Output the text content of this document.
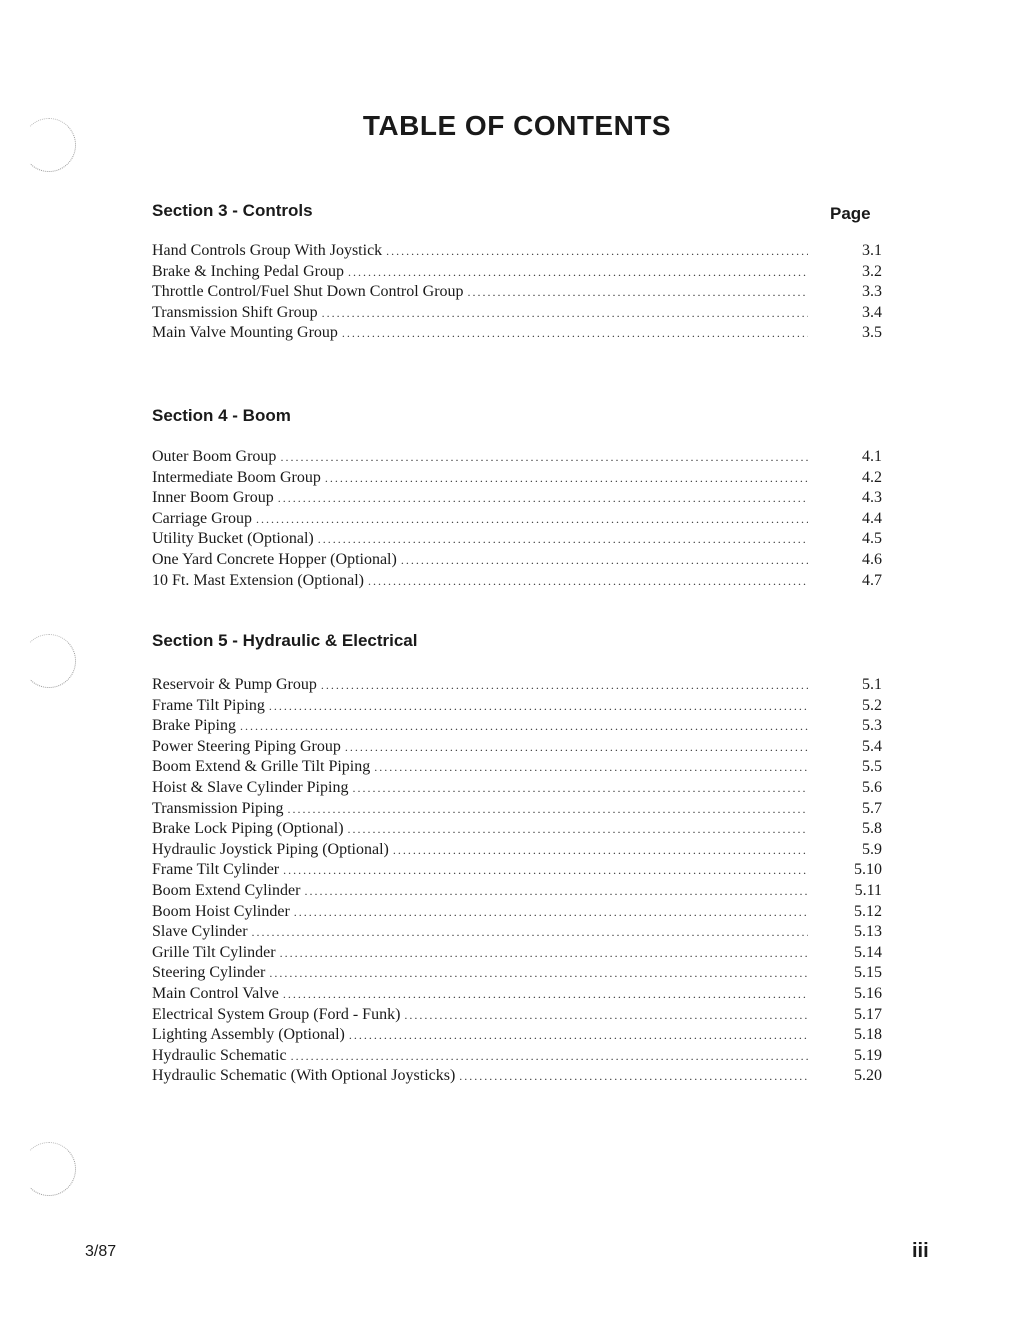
TABLE OF CONTENTS
Page
Section 3 - Controls
Hand Controls Group With Joystick .....	3.1
Brake & Inching Pedal Group .....	3.2
Throttle Control/Fuel Shut Down Control Group .....	3.3
Transmission Shift Group .....	3.4
Main Valve Mounting Group .....	3.5
Section 4 - Boom
Outer Boom Group .....	4.1
Intermediate Boom Group .....	4.2
Inner Boom Group .....	4.3
Carriage Group .....	4.4
Utility Bucket (Optional) .....	4.5
One Yard Concrete Hopper (Optional) .....	4.6
10 Ft. Mast Extension (Optional) .....	4.7
Section 5 - Hydraulic & Electrical
Reservoir & Pump Group .....	5.1
Frame Tilt Piping .....	5.2
Brake Piping .....	5.3
Power Steering Piping Group .....	5.4
Boom Extend & Grille Tilt Piping .....	5.5
Hoist & Slave Cylinder Piping .....	5.6
Transmission Piping .....	5.7
Brake Lock Piping (Optional) .....	5.8
Hydraulic Joystick Piping (Optional) .....	5.9
Frame Tilt Cylinder .....	5.10
Boom Extend Cylinder .....	5.11
Boom Hoist Cylinder .....	5.12
Slave Cylinder .....	5.13
Grille Tilt Cylinder .....	5.14
Steering Cylinder .....	5.15
Main Control Valve .....	5.16
Electrical System Group (Ford - Funk) .....	5.17
Lighting Assembly (Optional) .....	5.18
Hydraulic Schematic .....	5.19
Hydraulic Schematic (With Optional Joysticks) .....	5.20
3/87	iii
